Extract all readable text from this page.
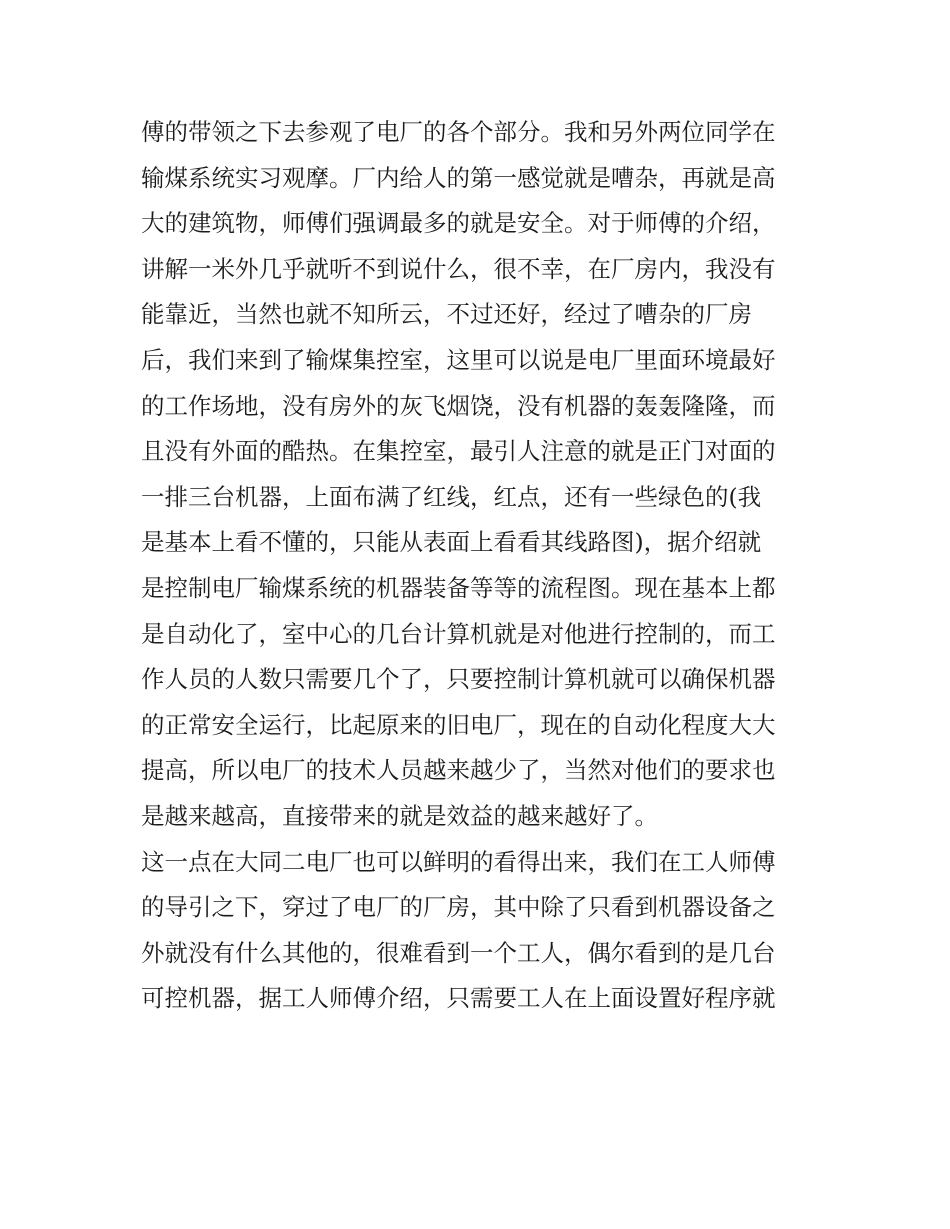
傅的带领之下去参观了电厂的各个部分。我和另外两位同学在
输煤系统实习观摩。厂内给人的第一感觉就是嘈杂，再就是高
大的建筑物，师傅们强调最多的就是安全。对于师傅的介绍，
讲解一米外几乎就听不到说什么，很不幸，在厂房内，我没有
能靠近，当然也就不知所云，不过还好，经过了嘈杂的厂房
后，我们来到了输煤集控室，这里可以说是电厂里面环境最好
的工作场地，没有房外的灰飞烟饶，没有机器的轰轰隆隆，而
且没有外面的酷热。在集控室，最引人注意的就是正门对面的
一排三台机器，上面布满了红线，红点，还有一些绿色的(我
是基本上看不懂的，只能从表面上看看其线路图)，据介绍就
是控制电厂输煤系统的机器装备等等的流程图。现在基本上都
是自动化了，室中心的几台计算机就是对他进行控制的，而工
作人员的人数只需要几个了，只要控制计算机就可以确保机器
的正常安全运行，比起原来的旧电厂，现在的自动化程度大大
提高，所以电厂的技术人员越来越少了，当然对他们的要求也
是越来越高，直接带来的就是效益的越来越好了。
这一点在大同二电厂也可以鲜明的看得出来，我们在工人师傅
的导引之下，穿过了电厂的厂房，其中除了只看到机器设备之
外就没有什么其他的，很难看到一个工人，偶尔看到的是几台
可控机器，据工人师傅介绍，只需要工人在上面设置好程序就
